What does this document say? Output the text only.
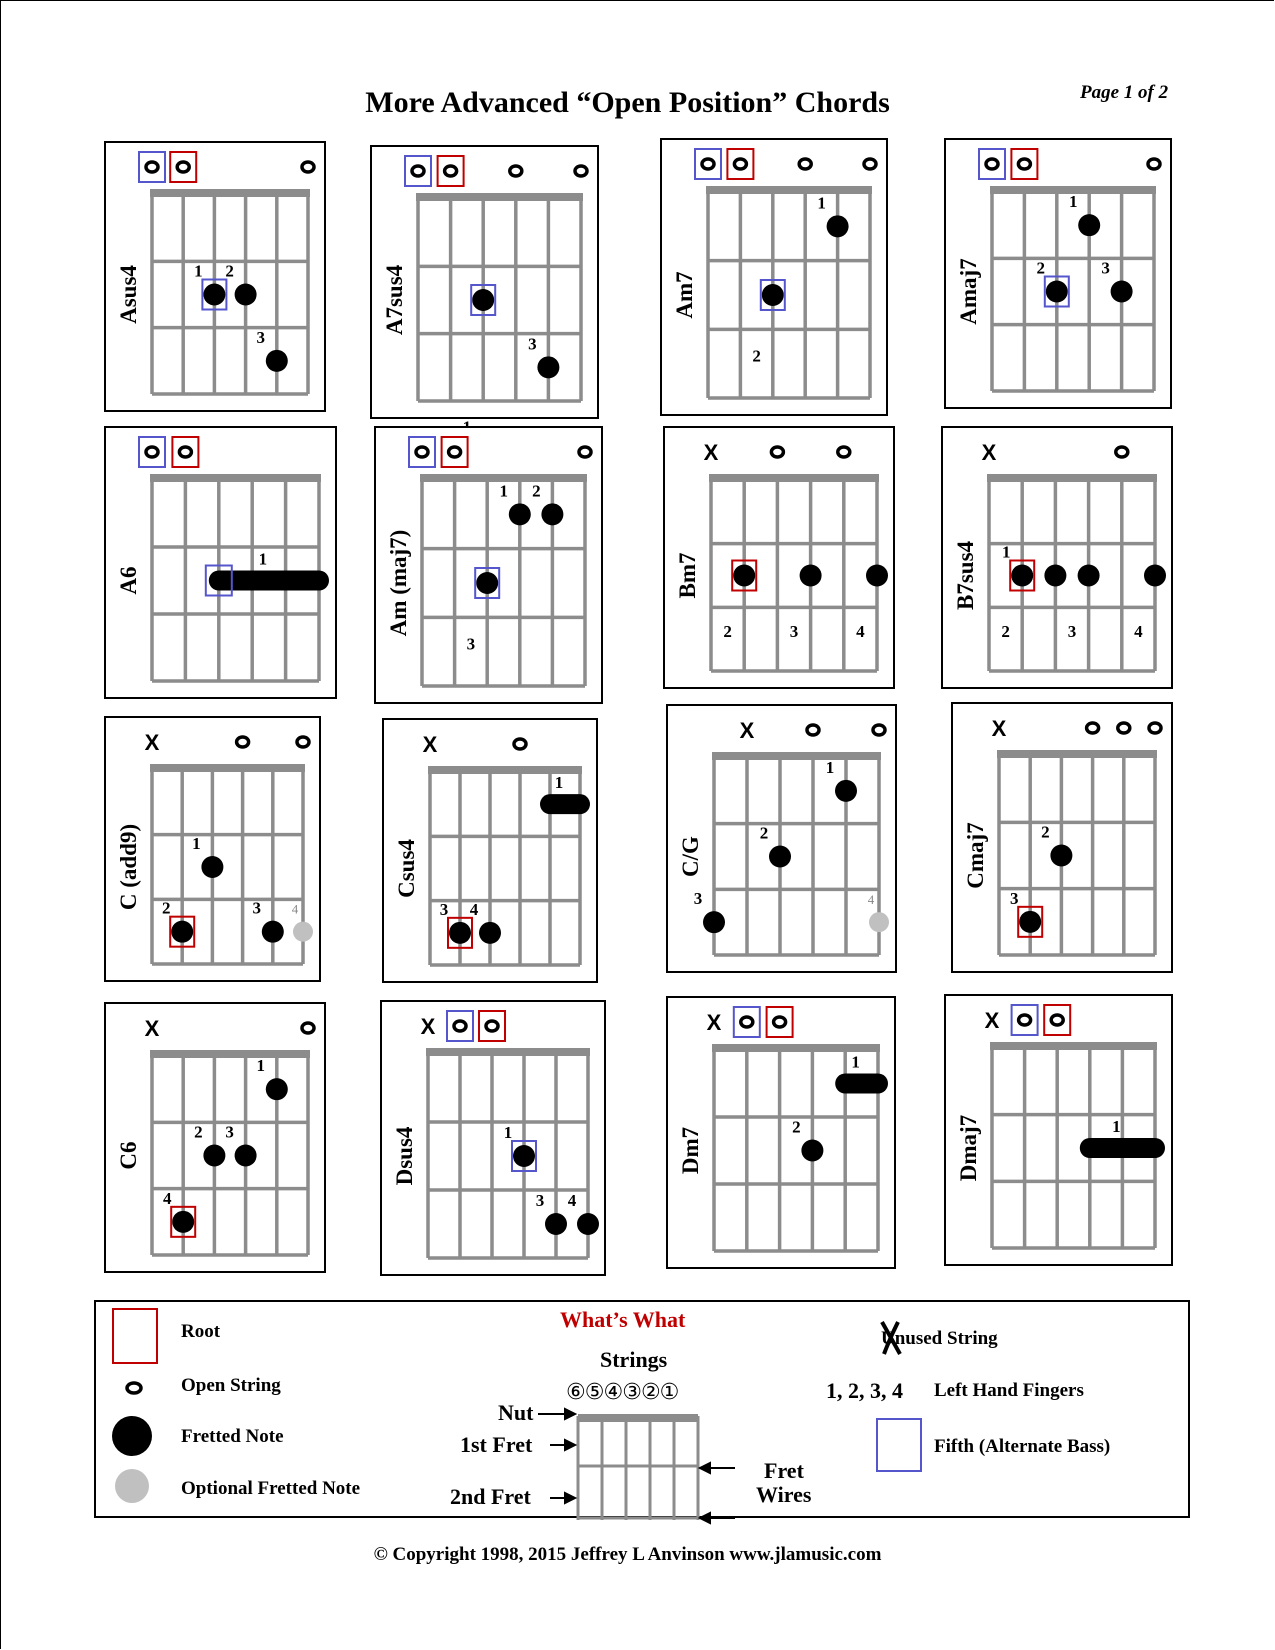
More Advanced “Open Position” Chords	Page 1 of 2
Asus4	1 2
3
A7sus4
3
Am7
1
2
Amaj7
1
2	3
A6
1	Am (maj7)
1 2
3
Bm7
X
2	3	4
B7sus4
X
1
2	3	4
C (add9)
X
1
2	3 4
Csus4
X
1
3 4
C/G
X
1
2
3	4
Cmaj7
X
2
3
C6
X
1
2 3
4
Dsus4
X
1
3 4
Dm7
X
1
2	Dmaj7
X
1
Root
Open String
Fretted Note
Optional Fretted Note
Unused String
1, 2, 3, 4 Left Hand Fingers
Fifth (Alternate Bass)
What’s What
Strings
⑥⑤④③②①
Nut
1st Fret
2nd Fret
Fret
Wires
© Copyright 1998, 2015 Jeffrey L Anvinson www.jlamusic.com
